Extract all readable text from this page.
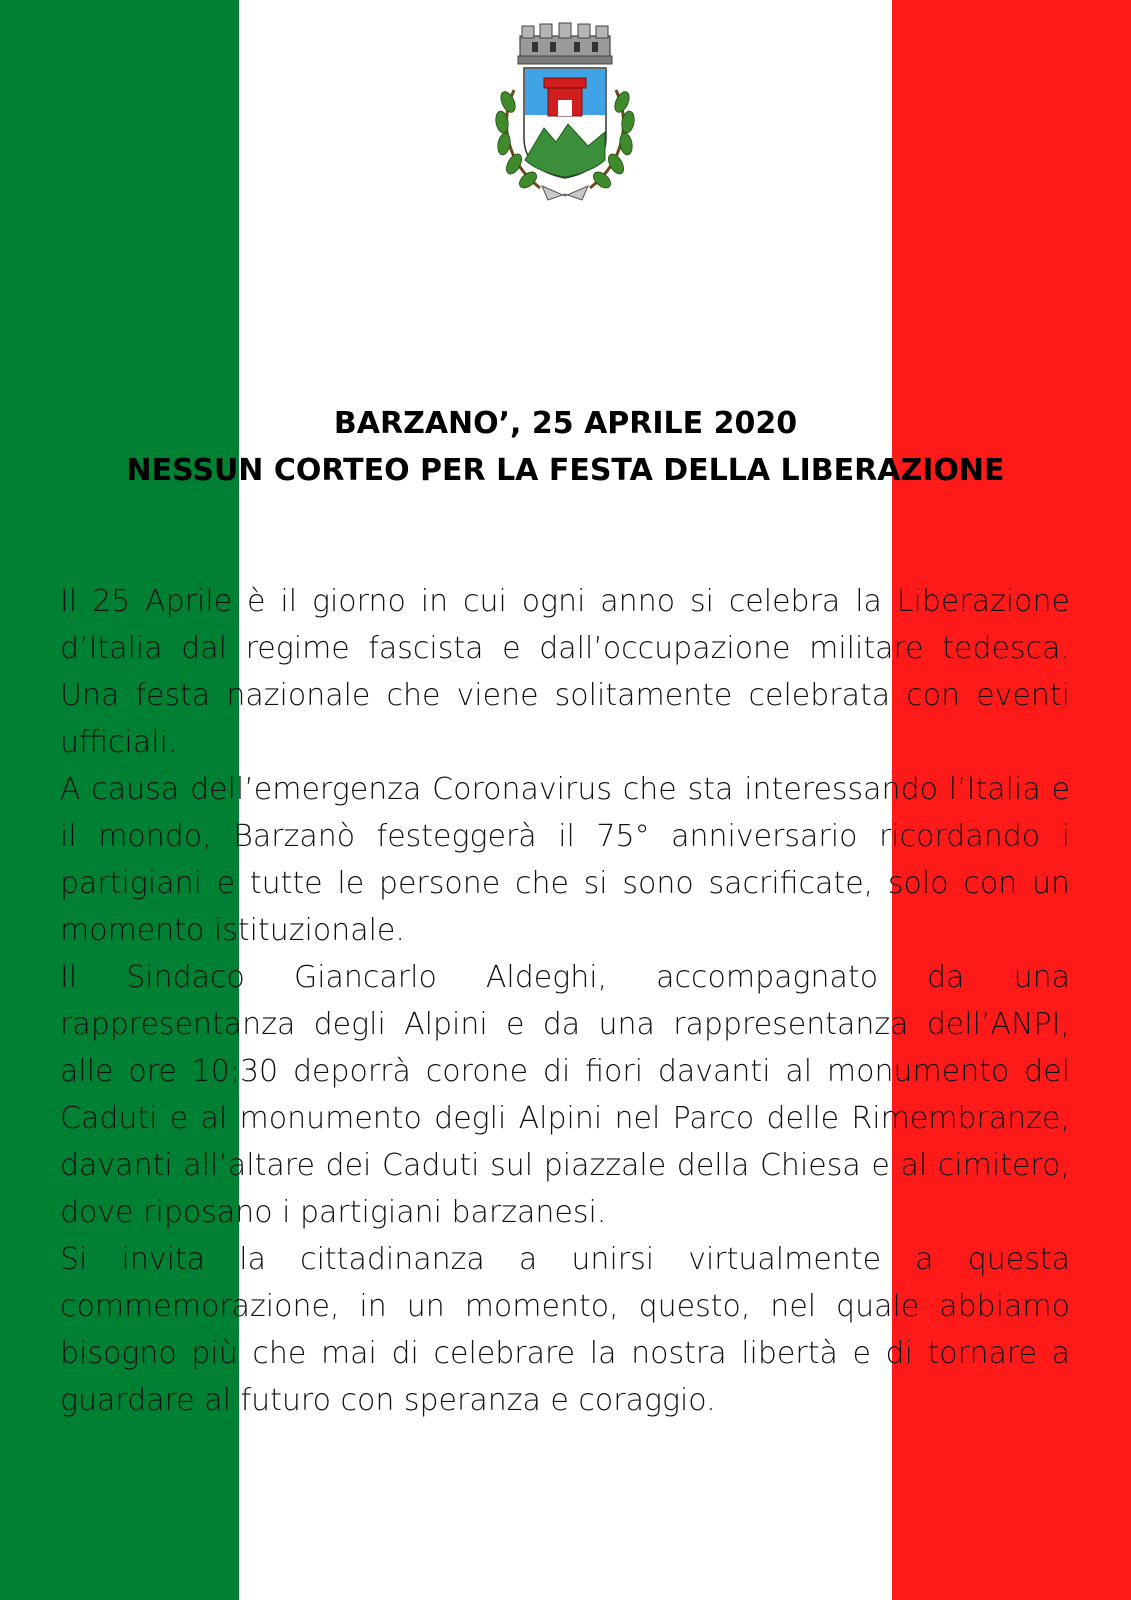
BARZANO’, 25 APRILE 2020
NESSUN CORTEO PER LA FESTA DELLA LIBERAZIONE

Il 25 Aprile è il giorno in cui ogni anno si celebra la Liberazione d’Italia dal regime fascista e dall’occupazione militare tedesca. Una festa nazionale che viene solitamente celebrata con eventi ufficiali.

A causa dell’emergenza Coronavirus che sta interessando l’Italia e il mondo, Barzanò festeggerà il 75° anniversario ricordando i partigiani e tutte le persone che si sono sacrificate, solo con un momento istituzionale.

Il Sindaco Giancarlo Aldeghi, accompagnato da una rappresentanza degli Alpini e da una rappresentanza dell’ANPI, alle ore 10:30 deporrà corone di fiori davanti al monumento del Caduti e al monumento degli Alpini nel Parco delle Rimembranze, davanti all’altare dei Caduti sul piazzale della Chiesa e al cimitero, dove riposano i partigiani barzanesi.

Si invita la cittadinanza a unirsi virtualmente a questa commemorazione, in un momento, questo, nel quale abbiamo bisogno più che mai di celebrare la nostra libertà e di tornare a guardare al futuro con speranza e coraggio.
